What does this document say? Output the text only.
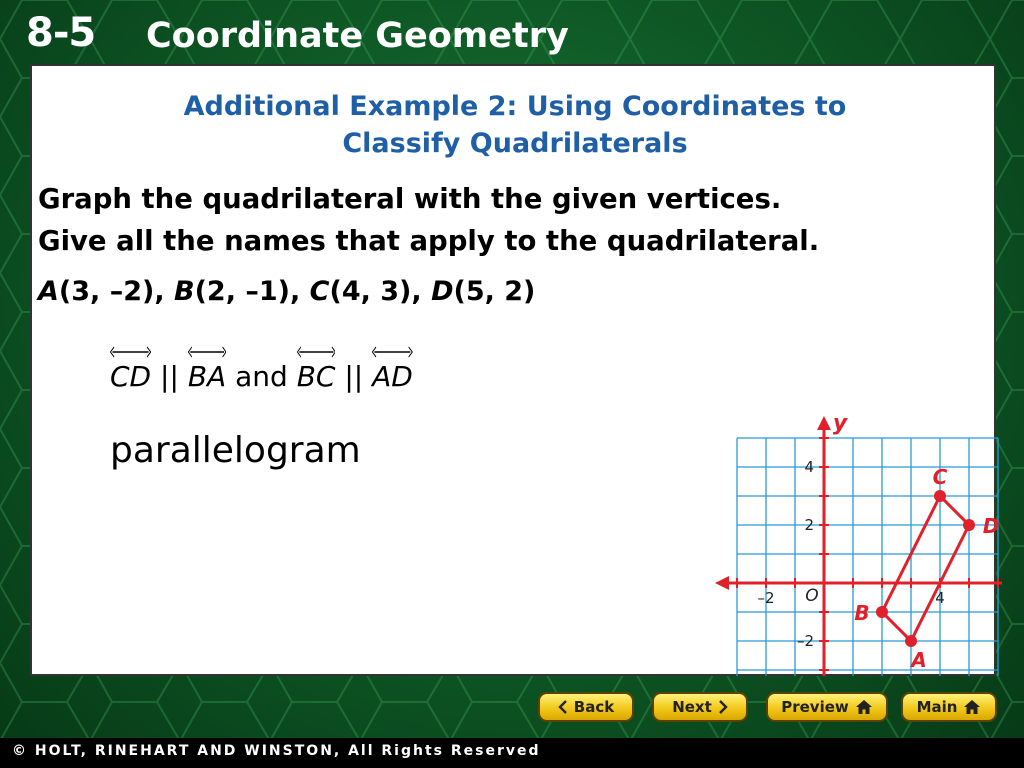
8-5 Coordinate Geometry
Additional Example 2: Using Coordinates to
Classify Quadrilaterals
Graph the quadrilateral with the given vertices.
Give all the names that apply to the quadrilateral.
A(3, –2), B(2, –1), C(4, 3), D(5, 2)
CD || BA and BC || AD
parallelogram
y
O
–2	4
4
2
–2
A
B
C
D
Back	Next	Preview	Main
© HOLT, RINEHART AND WINSTON, All Rights Reserved
